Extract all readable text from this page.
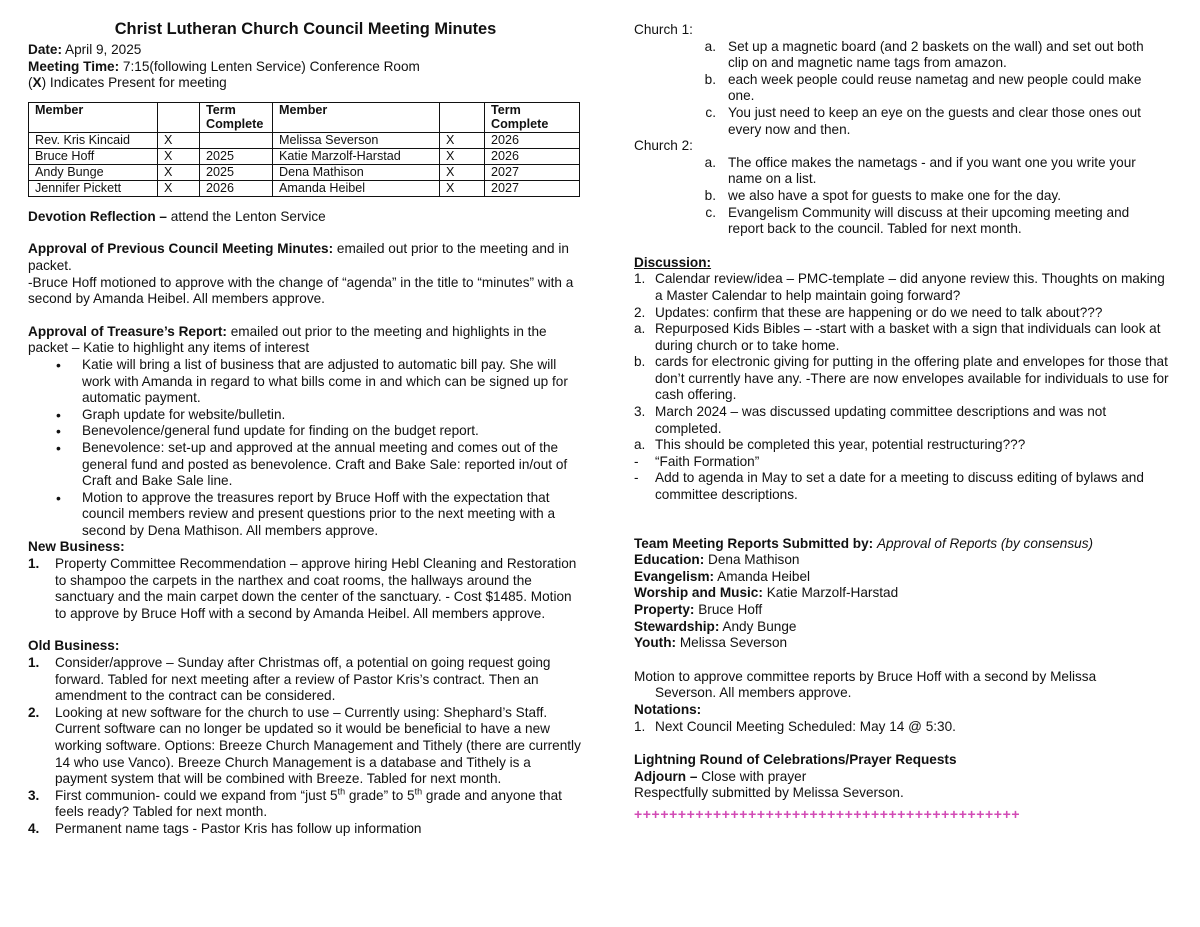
Christ Lutheran Church Council Meeting Minutes
Date: April 9, 2025
Meeting Time: 7:15(following Lenten Service) Conference Room
(X) Indicates Present for meeting
Member		Term Complete	Member		Term Complete
Rev. Kris Kincaid	X		Melissa Severson	X	2026
Bruce Hoff	X	2025	Katie Marzolf-Harstad	X	2026
Andy Bunge	X	2025	Dena Mathison	X	2027
Jennifer Pickett	X	2026	Amanda Heibel	X	2027
Devotion Reflection – attend the Lenton Service
Approval of Previous Council Meeting Minutes: emailed out prior to the meeting and in packet.
-Bruce Hoff motioned to approve with the change of “agenda” in the title to “minutes” with a second by Amanda Heibel. All members approve.
Approval of Treasure’s Report: emailed out prior to the meeting and highlights in the packet – Katie to highlight any items of interest
• Katie will bring a list of business that are adjusted to automatic bill pay. She will work with Amanda in regard to what bills come in and which can be signed up for automatic payment.
• Graph update for website/bulletin.
• Benevolence/general fund update for finding on the budget report.
• Benevolence: set-up and approved at the annual meeting and comes out of the general fund and posted as benevolence. Craft and Bake Sale: reported in/out of Craft and Bake Sale line.
• Motion to approve the treasures report by Bruce Hoff with the expectation that council members review and present questions prior to the next meeting with a second by Dena Mathison. All members approve.
New Business:
1.	Property Committee Recommendation – approve hiring Hebl Cleaning and Restoration to shampoo the carpets in the narthex and coat rooms, the hallways around the sanctuary and the main carpet down the center of the sanctuary. - Cost $1485. Motion to approve by Bruce Hoff with a second by Amanda Heibel. All members approve.
Old Business:
1.	Consider/approve – Sunday after Christmas off, a potential on going request going forward. Tabled for next meeting after a review of Pastor Kris’s contract. Then an amendment to the contract can be considered.
2.	Looking at new software for the church to use – Currently using: Shephard’s Staff. Current software can no longer be updated so it would be beneficial to have a new working software. Options: Breeze Church Management and Tithely (there are currently 14 who use Vanco). Breeze Church Management is a database and Tithely is a payment system that will be combined with Breeze. Tabled for next month.
3.	First communion- could we expand from “just 5th grade” to 5th grade and anyone that feels ready? Tabled for next month.
4.	Permanent name tags - Pastor Kris has follow up information
Church 1:
a. Set up a magnetic board (and 2 baskets on the wall) and set out both clip on and magnetic name tags from amazon.
b. each week people could reuse nametag and new people could make one.
c. You just need to keep an eye on the guests and clear those ones out every now and then.
Church 2:
a. The office makes the nametags - and if you want one you write your name on a list.
b. we also have a spot for guests to make one for the day.
c. Evangelism Community will discuss at their upcoming meeting and report back to the council. Tabled for next month.
Discussion:
1. Calendar review/idea – PMC-template – did anyone review this. Thoughts on making a Master Calendar to help maintain going forward?
2. Updates: confirm that these are happening or do we need to talk about???
a. Repurposed Kids Bibles – -start with a basket with a sign that individuals can look at during church or to take home.
b. cards for electronic giving for putting in the offering plate and envelopes for those that don’t currently have any. -There are now envelopes available for individuals to use for cash offering.
3. March 2024 – was discussed updating committee descriptions and was not completed.
a. This should be completed this year, potential restructuring???
-	“Faith Formation”
-	Add to agenda in May to set a date for a meeting to discuss editing of bylaws and committee descriptions.
Team Meeting Reports Submitted by: Approval of Reports (by consensus)
Education: Dena Mathison
Evangelism: Amanda Heibel
Worship and Music: Katie Marzolf-Harstad
Property: Bruce Hoff
Stewardship: Andy Bunge
Youth: Melissa Severson
Motion to approve committee reports by Bruce Hoff with a second by Melissa
Severson. All members approve.
Notations:
1. Next Council Meeting Scheduled: May 14 @ 5:30.
Lightning Round of Celebrations/Prayer Requests
Adjourn – Close with prayer
Respectfully submitted by Melissa Severson.
++++++++++++++++++++++++++++++++++++++++++++
